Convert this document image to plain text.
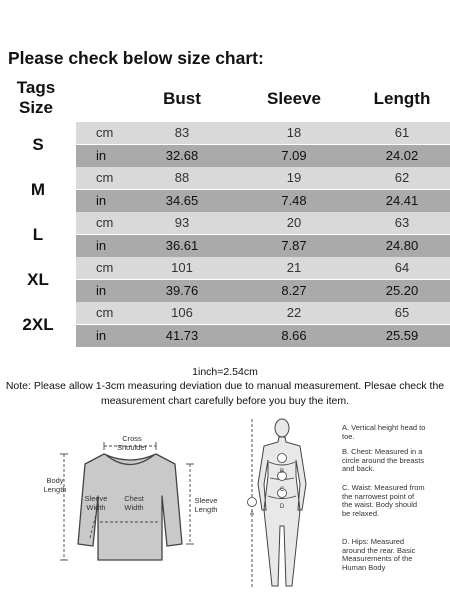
Please check below size chart:
Tags
Size	Bust	Sleeve	Length
S
cm	83	18	61
in	32.68	7.09	24.02
M
cm	88	19	62
in	34.65	7.48	24.41
L
cm	93	20	63
in	36.61	7.87	24.80
XL
cm	101	21	64
in	39.76	8.27	25.20
2XL
cm	106	22	65
in	41.73	8.66	25.59
1inch=2.54cm
Note: Please allow 1-3cm measuring deviation due to manual measurement. Plesae check the measurement chart carefully before you buy the item.
Cross
Shoulder
Body
Length
Sleeve
Width
Chest
Width
Sleeve
Length	A
B
C
D
A. Vertical height head to toe.
B. Chest: Measured in a circle around the breasts and back.
C. Waist: Measured from the narrowest point of the waist. Body should be relaxed.
D. Hips: Measured around the rear. Basic Measurements of the Human Body
